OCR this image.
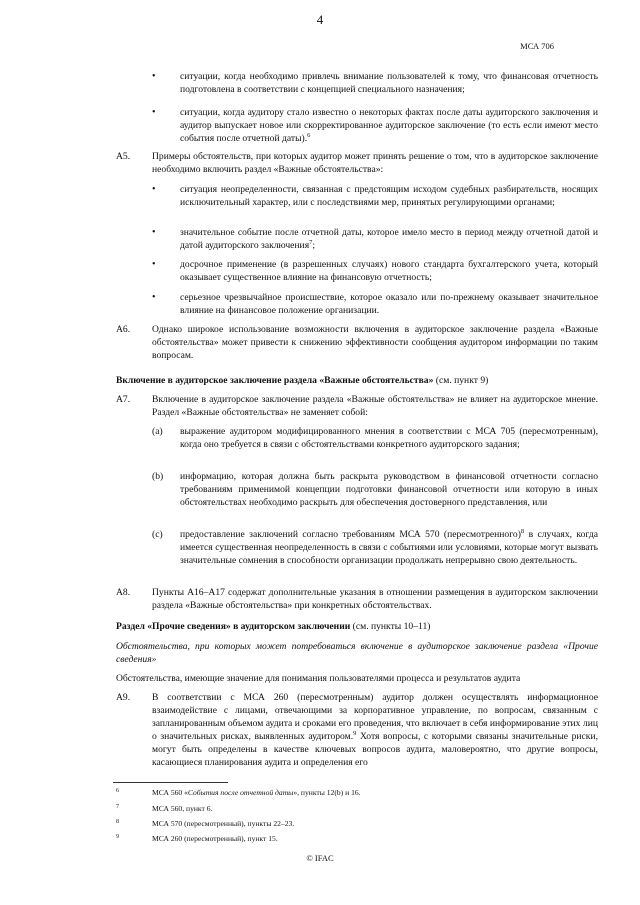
4
МСА 706
•	ситуации, когда необходимо привлечь внимание пользователей к тому, что финансовая отчетность подготовлена в соответствии с концепцией специального назначения;
•	ситуации, когда аудитору стало известно о некоторых фактах после даты аудиторского заключения и аудитор выпускает новое или скорректированное аудиторское заключение (то есть если имеют место события после отчетной даты).$^6$
A5. Примеры обстоятельств, при которых аудитор может принять решение о том, что в аудиторское заключение необходимо включить раздел «Важные обстоятельства»:
•	ситуация неопределенности, связанная с предстоящим исходом судебных разбирательств, носящих исключительный характер, или с последствиями мер, принятых регулирующими органами;
•	значительное событие после отчетной даты, которое имело место в период между отчетной датой и датой аудиторского заключения$^7$;
•	досрочное применение (в разрешенных случаях) нового стандарта бухгалтерского учета, который оказывает существенное влияние на финансовую отчетность;
•	серьезное чрезвычайное происшествие, которое оказало или по-прежнему оказывает значительное влияние на финансовое положение организации.
A6. Однако широкое использование возможности включения в аудиторское заключение раздела «Важные обстоятельства» может привести к снижению эффективности сообщения аудитором информации по таким вопросам.
Включение в аудиторское заключение раздела «Важные обстоятельства» (см. пункт 9)
A7. Включение в аудиторское заключение раздела «Важные обстоятельства» не влияет на аудиторское мнение. Раздел «Важные обстоятельства» не заменяет собой:
(a) выражение аудитором модифицированного мнения в соответствии с МСА 705 (пересмотренным), когда оно требуется в связи с обстоятельствами конкретного аудиторского задания;
(b) информацию, которая должна быть раскрыта руководством в финансовой отчетности согласно требованиям применимой концепции подготовки финансовой отчетности или которую в иных обстоятельствах необходимо раскрыть для обеспечения достоверного представления, или
(c) предоставление заключений согласно требованиям МСА 570 (пересмотренного)$^8$ в случаях, когда имеется существенная неопределенность в связи с событиями или условиями, которые могут вызвать значительные сомнения в способности организации продолжать непрерывно свою деятельность.
A8. Пункты A16–A17 содержат дополнительные указания в отношении размещения в аудиторском заключении раздела «Важные обстоятельства» при конкретных обстоятельствах.
Раздел «Прочие сведения» в аудиторском заключении (см. пункты 10–11)
Обстоятельства, при которых может потребоваться включение в аудиторское заключение раздела «Прочие сведения»
Обстоятельства, имеющие значение для понимания пользователями процесса и результатов аудита
A9. В соответствии с МСА 260 (пересмотренным) аудитор должен осуществлять информационное взаимодействие с лицами, отвечающими за корпоративное управление, по вопросам, связанным с запланированным объемом аудита и сроками его проведения, что включает в себя информирование этих лиц о значительных рисках, выявленных аудитором.$^9$ Хотя вопросы, с которыми связаны значительные риски, могут быть определены в качестве ключевых вопросов аудита, маловероятно, что другие вопросы, касающиеся планирования аудита и определения его
6	МСА 560 «События после отчетной даты», пункты 12(b) и 16.
7	МСА 560, пункт 6.
8	МСА 570 (пересмотренный), пункты 22–23.
9	МСА 260 (пересмотренный), пункт 15.
© IFAC
